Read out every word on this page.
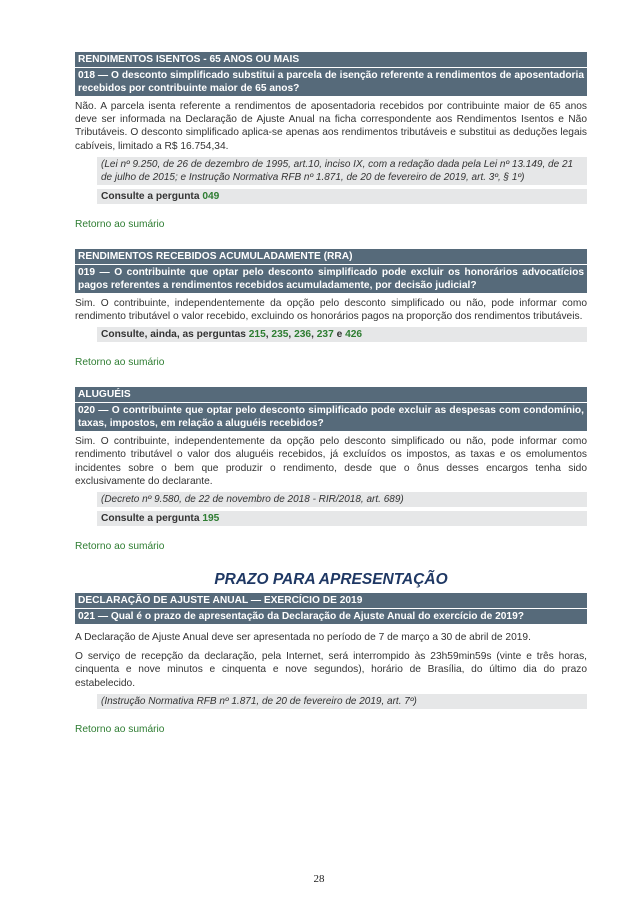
RENDIMENTOS ISENTOS - 65 ANOS OU MAIS
018 — O desconto simplificado substitui a parcela de isenção referente a rendimentos de aposentadoria recebidos por contribuinte maior de 65 anos?

Não. A parcela isenta referente a rendimentos de aposentadoria recebidos por contribuinte maior de 65 anos deve ser informada na Declaração de Ajuste Anual na ficha correspondente aos Rendimentos Isentos e Não Tributáveis. O desconto simplificado aplica-se apenas aos rendimentos tributáveis e substitui as deduções legais cabíveis, limitado a R$ 16.754,34.

(Lei nº 9.250, de 26 de dezembro de 1995, art.10, inciso IX, com a redação dada pela Lei nº 13.149, de 21 de julho de 2015; e Instrução Normativa RFB nº 1.871, de 20 de fevereiro de 2019, art. 3º, § 1º)
Consulte a pergunta 049
Retorno ao sumário
RENDIMENTOS RECEBIDOS ACUMULADAMENTE (RRA)
019 — O contribuinte que optar pelo desconto simplificado pode excluir os honorários advocatícios pagos referentes a rendimentos recebidos acumuladamente, por decisão judicial?

Sim. O contribuinte, independentemente da opção pelo desconto simplificado ou não, pode informar como rendimento tributável o valor recebido, excluindo os honorários pagos na proporção dos rendimentos tributáveis.

Consulte, ainda, as perguntas 215, 235, 236, 237 e 426
Retorno ao sumário
ALUGUÉIS
020 — O contribuinte que optar pelo desconto simplificado pode excluir as despesas com condomínio, taxas, impostos, em relação a aluguéis recebidos?

Sim. O contribuinte, independentemente da opção pelo desconto simplificado ou não, pode informar como rendimento tributável o valor dos aluguéis recebidos, já excluídos os impostos, as taxas e os emolumentos incidentes sobre o bem que produzir o rendimento, desde que o ônus desses encargos tenha sido exclusivamente do declarante.

(Decreto nº 9.580, de 22 de novembro de 2018 - RIR/2018, art. 689)
Consulte a pergunta 195
Retorno ao sumário
PRAZO PARA APRESENTAÇÃO
DECLARAÇÃO DE AJUSTE ANUAL — EXERCÍCIO DE 2019
021 — Qual é o prazo de apresentação da Declaração de Ajuste Anual do exercício de 2019?

A Declaração de Ajuste Anual deve ser apresentada no período de 7 de março a 30 de abril de 2019.

O serviço de recepção da declaração, pela Internet, será interrompido às 23h59min59s (vinte e três horas, cinquenta e nove minutos e cinquenta e nove segundos), horário de Brasília, do último dia do prazo estabelecido.

(Instrução Normativa RFB nº 1.871, de 20 de fevereiro de 2019, art. 7º)
Retorno ao sumário
28
